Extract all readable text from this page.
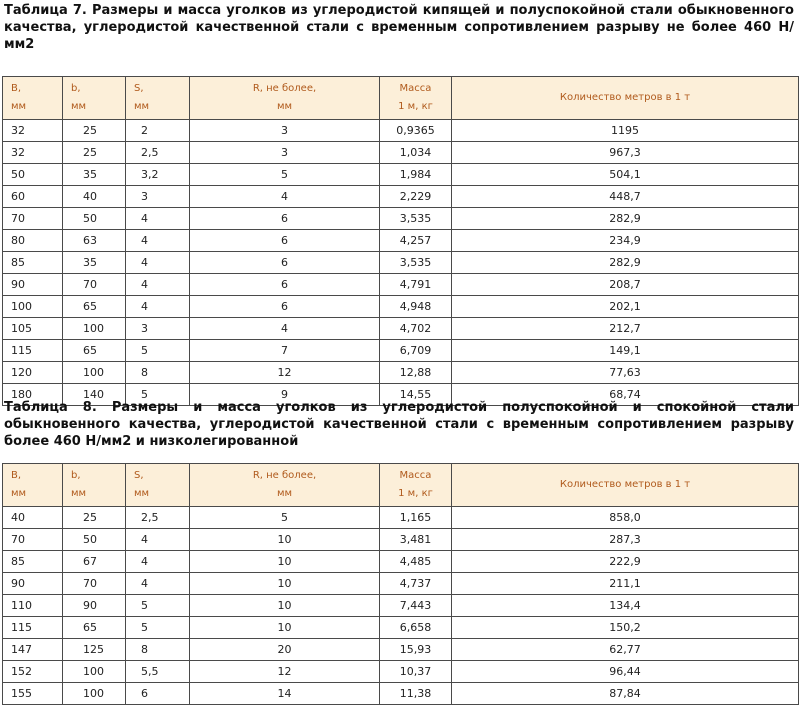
Таблица 7. Размеры и масса уголков из углеродистой кипящей и полуспокойной стали обыкновенного качества, углеродистой качественной стали с временным сопротивлением разрыву не более 460 Н/мм2
B,
мм	b,
мм	S,
мм	R, не более,
мм	Масса
1 м, кг	Количество метров в 1 т

32	25	2	3	0,9365	1195
32	25	2,5	3	1,034	967,3
50	35	3,2	5	1,984	504,1
60	40	3	4	2,229	448,7
70	50	4	6	3,535	282,9
80	63	4	6	4,257	234,9
85	35	4	6	3,535	282,9
90	70	4	6	4,791	208,7
100	65	4	6	4,948	202,1
105	100	3	4	4,702	212,7
115	65	5	7	6,709	149,1
120	100	8	12	12,88	77,63
180	140	5	9	14,55	68,74
Таблица 8. Размеры и масса уголков из углеродистой полуспокойной и спокойной стали обыкновенного качества, углеродистой качественной стали с временным сопротивлением разрыву более 460 Н/мм2 и низколегированной
B,
мм	b,
мм	S,
мм	R, не более,
мм	Масса
1 м, кг	Количество метров в 1 т

40	25	2,5	5	1,165	858,0
70	50	4	10	3,481	287,3
85	67	4	10	4,485	222,9
90	70	4	10	4,737	211,1
110	90	5	10	7,443	134,4
115	65	5	10	6,658	150,2
147	125	8	20	15,93	62,77
152	100	5,5	12	10,37	96,44
155	100	6	14	11,38	87,84
